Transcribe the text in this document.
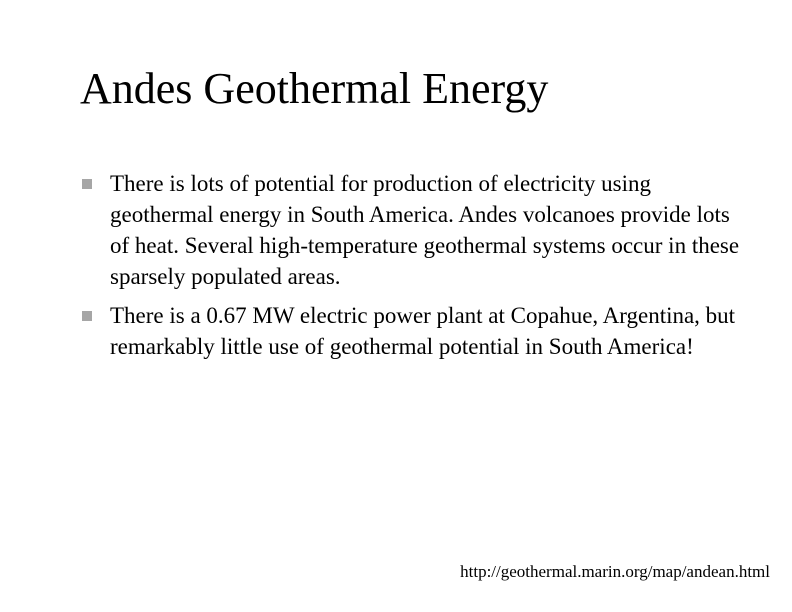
Andes Geothermal Energy
There is lots of potential for production of electricity using geothermal energy in South America. Andes volcanoes provide lots of heat. Several high-temperature geothermal systems occur in these sparsely populated areas.
There is a 0.67 MW electric power plant at Copahue, Argentina, but remarkably little use of geothermal potential in South America!
http://geothermal.marin.org/map/andean.html
